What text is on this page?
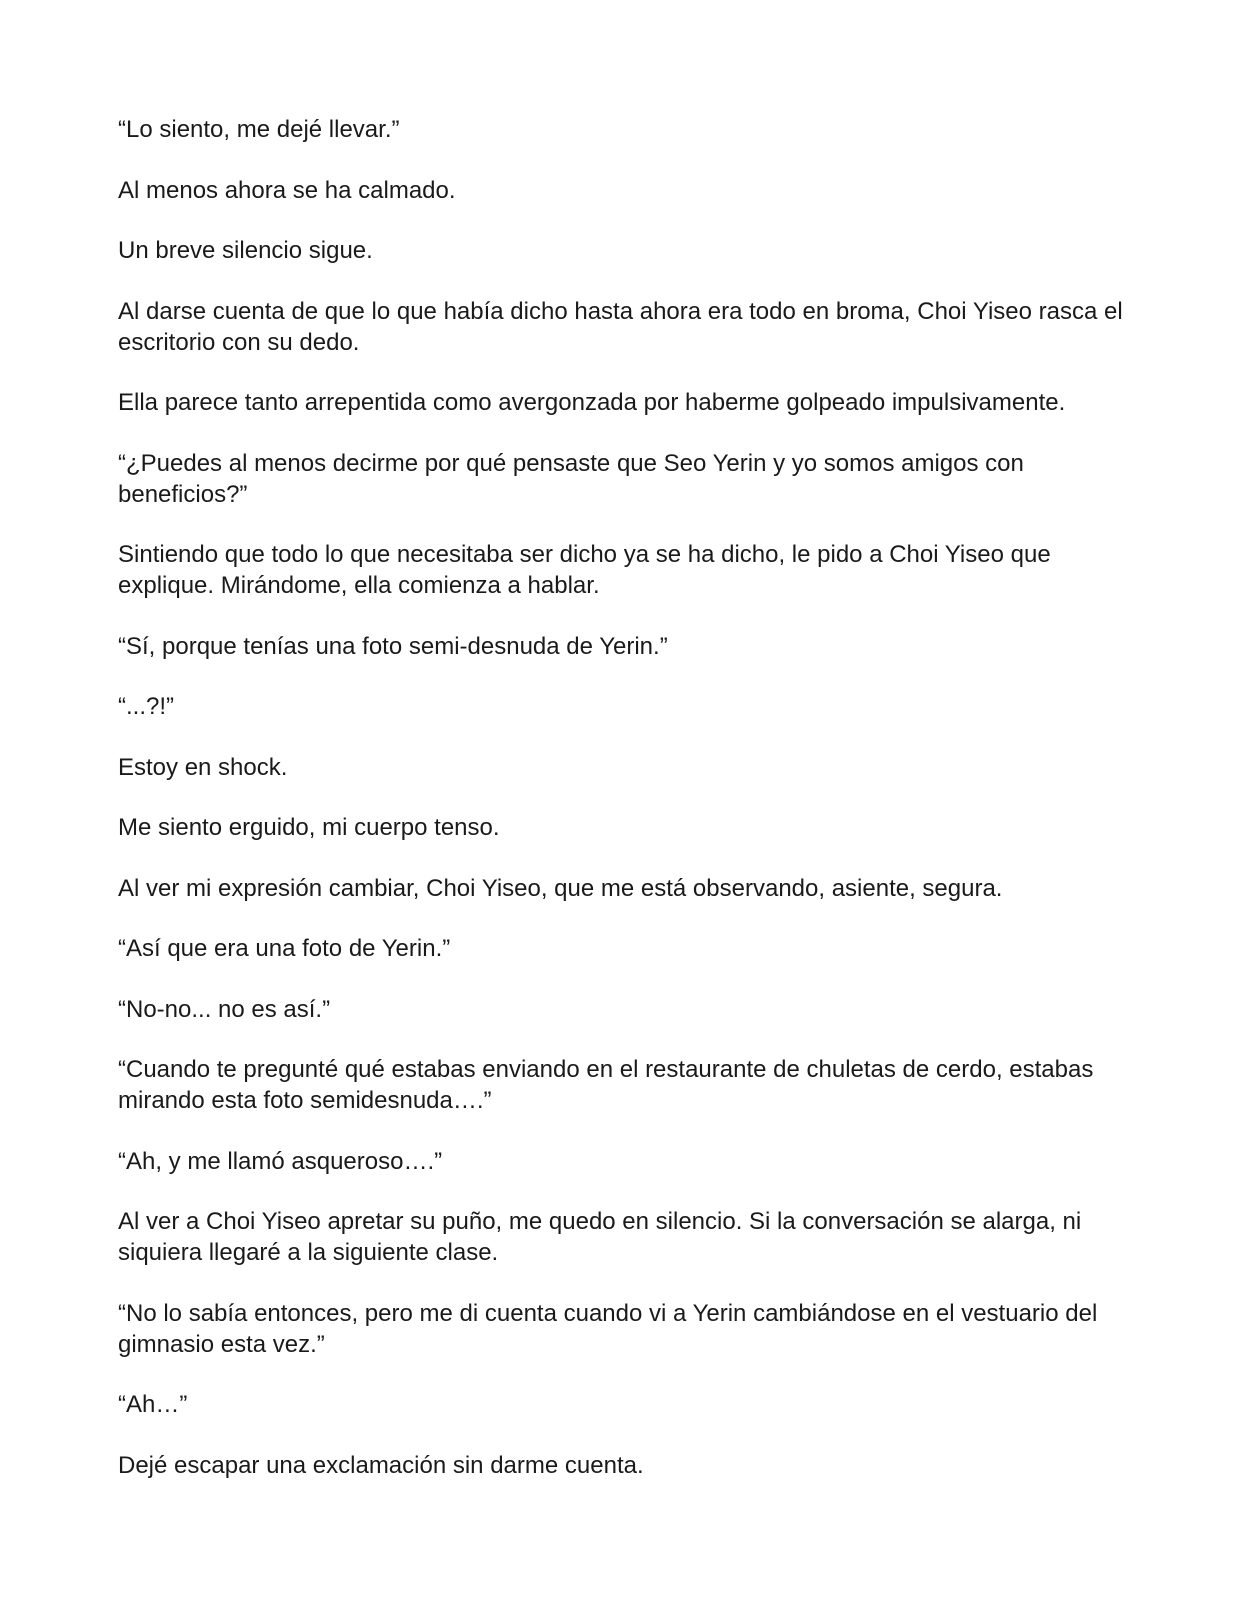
“Lo siento, me dejé llevar.”

Al menos ahora se ha calmado.

Un breve silencio sigue.

Al darse cuenta de que lo que había dicho hasta ahora era todo en broma, Choi Yiseo rasca el escritorio con su dedo.

Ella parece tanto arrepentida como avergonzada por haberme golpeado impulsivamente.

“¿Puedes al menos decirme por qué pensaste que Seo Yerin y yo somos amigos con beneficios?”

Sintiendo que todo lo que necesitaba ser dicho ya se ha dicho, le pido a Choi Yiseo que explique. Mirándome, ella comienza a hablar.

“Sí, porque tenías una foto semi-desnuda de Yerin.”

“...?!”

Estoy en shock.

Me siento erguido, mi cuerpo tenso.

Al ver mi expresión cambiar, Choi Yiseo, que me está observando, asiente, segura.

“Así que era una foto de Yerin.”

“No-no... no es así.”

“Cuando te pregunté qué estabas enviando en el restaurante de chuletas de cerdo, estabas mirando esta foto semidesnuda….”

“Ah, y me llamó asqueroso….”

Al ver a Choi Yiseo apretar su puño, me quedo en silencio. Si la conversación se alarga, ni siquiera llegaré a la siguiente clase.

“No lo sabía entonces, pero me di cuenta cuando vi a Yerin cambiándose en el vestuario del gimnasio esta vez.”

“Ah…”

Dejé escapar una exclamación sin darme cuenta.
